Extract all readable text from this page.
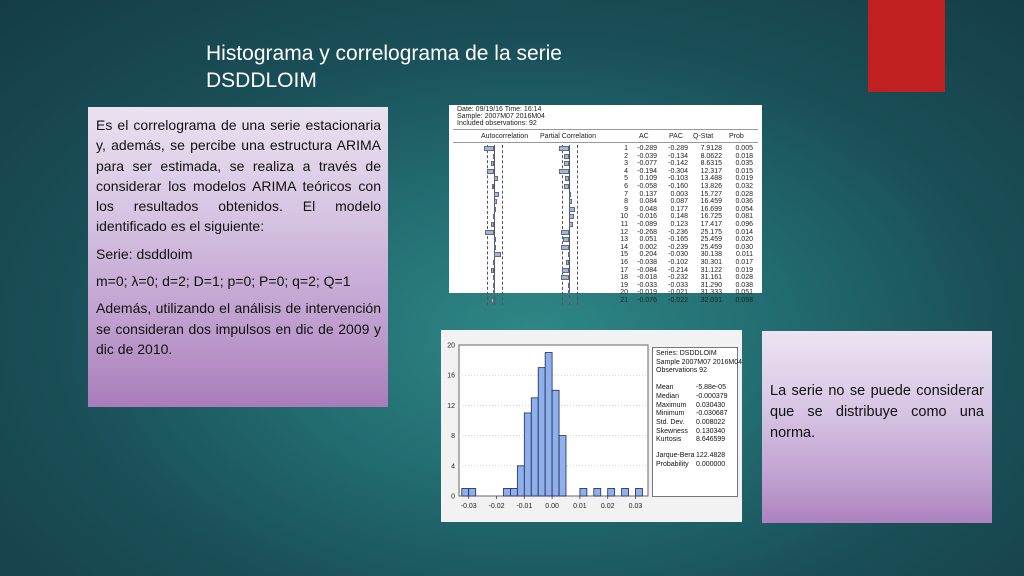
Histograma y correlograma de la serie
DSDDLOIM

Es el correlograma de una serie estacionaria y, además, se percibe una estructura ARIMA para ser estimada, se realiza a través de considerar los modelos ARIMA teóricos con los resultados obtenidos. El modelo identificado es el siguiente:

Serie: dsddloim

m=0; λ=0; d=2; D=1; p=0; P=0; q=2; Q=1

Además, utilizando el análisis de intervención se consideran dos impulsos en dic de 2009 y dic de 2010.

Date: 09/19/16 Time: 16:14
Sample: 2007M07 2016M04
Included observations: 92
Autocorrelation Partial Correlation	AC	PAC Q-Stat Prob
1	-0.289	-0.289	7.9128	0.005
2	-0.039	-0.134	8.0622	0.018
3	-0.077	-0.142	8.6315	0.035
4	-0.194	-0.304	12.317	0.015
5	0.109	-0.103	13.488	0.019
6	-0.058	-0.160	13.826	0.032
7	0.137	0.003	15.727	0.028
8	0.084	0.087	16.459	0.036
9	0.048	0.177	16.699	0.054
10	-0.016	0.148	16.725	0.081
11	-0.089	0.123	17.417	0.096
12	-0.268	-0.236	25.175	0.014
13	0.051	-0.165	25.459	0.020
14	0.002	-0.239	25.459	0.030
15	0.204	-0.030	30.138	0.011
16	-0.038	-0.102	30.301	0.017
17	-0.084	-0.214	31.122	0.019
18	-0.018	-0.232	31.161	0.028
19	-0.033	-0.033	31.290	0.038
20	-0.019	-0.021	31.333	0.051
21	-0.076	-0.022	32.031	0.058
0
4
8
12
16
20
-0.03 -0.02 -0.01 0.00 0.01 0.02 0.03
Series: DSDDLOIM
Sample 2007M07 2016M04
Observations 92
Mean	-5.88e-05
Median	-0.000379
Maximum	0.030430
Minimum	-0.030687
Std. Dev.	0.008022
Skewness	0.130340
Kurtosis	8.646599
Jarque-Bera 122.4828
Probability	0.000000
La serie no se puede considerar que se distribuye como una norma.
